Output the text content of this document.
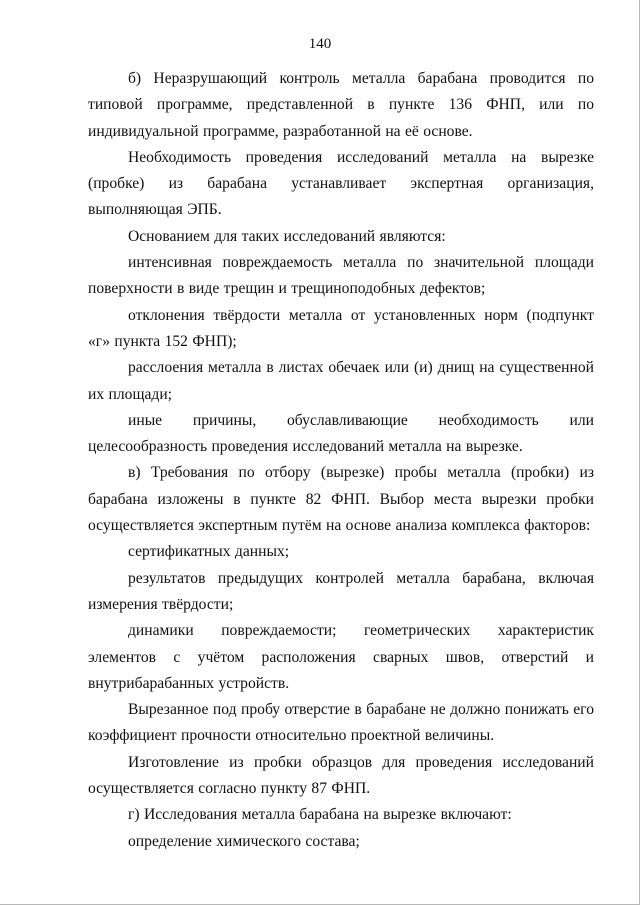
140

б) Неразрушающий контроль металла барабана проводится по типовой программе, представленной в пункте 136 ФНП, или по индивидуальной программе, разработанной на её основе.

Необходимость проведения исследований металла на вырезке (пробке) из барабана устанавливает экспертная организация, выполняющая ЭПБ.

Основанием для таких исследований являются:

интенсивная повреждаемость металла по значительной площади поверхности в виде трещин и трещиноподобных дефектов;

отклонения твёрдости металла от установленных норм (подпункт «г» пункта 152 ФНП);

расслоения металла в листах обечаек или (и) днищ на существенной их площади;

иные причины, обуславливающие необходимость или целесообразность проведения исследований металла на вырезке.

в) Требования по отбору (вырезке) пробы металла (пробки) из барабана изложены в пункте 82 ФНП. Выбор места вырезки пробки осуществляется экспертным путём на основе анализа комплекса факторов:

сертификатных данных;

результатов предыдущих контролей металла барабана, включая измерения твёрдости;

динамики повреждаемости; геометрических характеристик элементов с учётом расположения сварных швов, отверстий и внутрибарабанных устройств.

Вырезанное под пробу отверстие в барабане не должно понижать его коэффициент прочности относительно проектной величины.

Изготовление из пробки образцов для проведения исследований осуществляется согласно пункту 87 ФНП.

г) Исследования металла барабана на вырезке включают:

определение химического состава;
